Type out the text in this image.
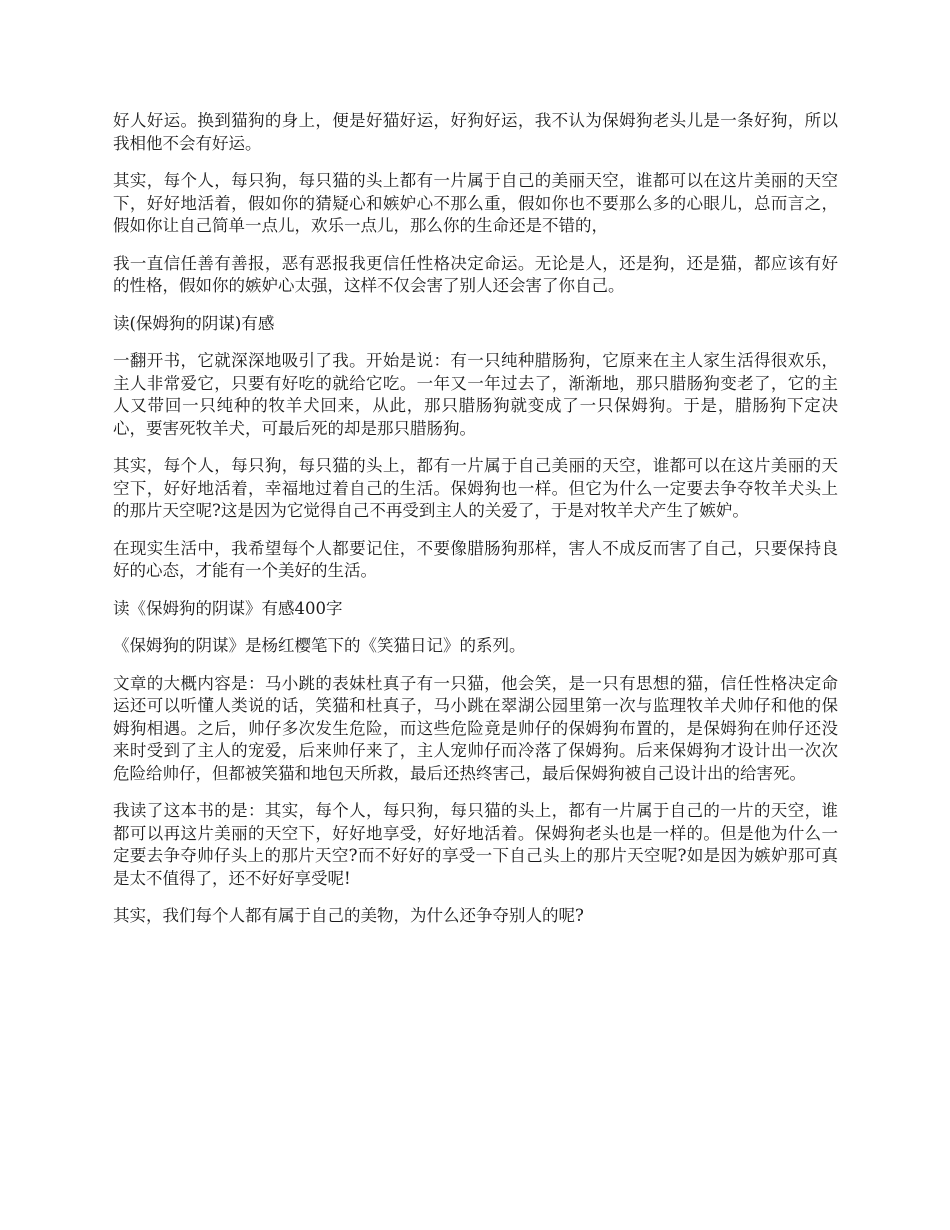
好人好运。换到猫狗的身上，便是好猫好运，好狗好运，我不认为保姆狗老头儿是一条好狗，所以我相他不会有好运。

其实，每个人，每只狗，每只猫的头上都有一片属于自己的美丽天空，谁都可以在这片美丽的天空下，好好地活着，假如你的猜疑心和嫉妒心不那么重，假如你也不要那么多的心眼儿，总而言之，假如你让自己简单一点儿，欢乐一点儿，那么你的生命还是不错的，

我一直信任善有善报，恶有恶报我更信任性格决定命运。无论是人，还是狗，还是猫，都应该有好的性格，假如你的嫉妒心太强，这样不仅会害了别人还会害了你自己。

读(保姆狗的阴谋)有感

一翻开书，它就深深地吸引了我。开始是说：有一只纯种腊肠狗，它原来在主人家生活得很欢乐，主人非常爱它，只要有好吃的就给它吃。一年又一年过去了，渐渐地，那只腊肠狗变老了，它的主人又带回一只纯种的牧羊犬回来，从此，那只腊肠狗就变成了一只保姆狗。于是，腊肠狗下定决心，要害死牧羊犬，可最后死的却是那只腊肠狗。

其实，每个人，每只狗，每只猫的头上，都有一片属于自己美丽的天空，谁都可以在这片美丽的天空下，好好地活着，幸福地过着自己的生活。保姆狗也一样。但它为什么一定要去争夺牧羊犬头上的那片天空呢?这是因为它觉得自己不再受到主人的关爱了，于是对牧羊犬产生了嫉妒。

在现实生活中，我希望每个人都要记住，不要像腊肠狗那样，害人不成反而害了自己，只要保持良好的心态，才能有一个美好的生活。

读《保姆狗的阴谋》有感400字

《保姆狗的阴谋》是杨红樱笔下的《笑猫日记》的系列。

文章的大概内容是：马小跳的表妹杜真子有一只猫，他会笑，是一只有思想的猫，信任性格决定命运还可以听懂人类说的话，笑猫和杜真子，马小跳在翠湖公园里第一次与监理牧羊犬帅仔和他的保姆狗相遇。之后，帅仔多次发生危险，而这些危险竟是帅仔的保姆狗布置的，是保姆狗在帅仔还没来时受到了主人的宠爱，后来帅仔来了，主人宠帅仔而冷落了保姆狗。后来保姆狗才设计出一次次危险给帅仔，但都被笑猫和地包天所救，最后还热终害己，最后保姆狗被自己设计出的给害死。

我读了这本书的是：其实，每个人，每只狗，每只猫的头上，都有一片属于自己的一片的天空，谁都可以再这片美丽的天空下，好好地享受，好好地活着。保姆狗老头也是一样的。但是他为什么一定要去争夺帅仔头上的那片天空?而不好好的享受一下自己头上的那片天空呢?如是因为嫉妒那可真是太不值得了，还不好好享受呢!

其实，我们每个人都有属于自己的美物，为什么还争夺别人的呢?
